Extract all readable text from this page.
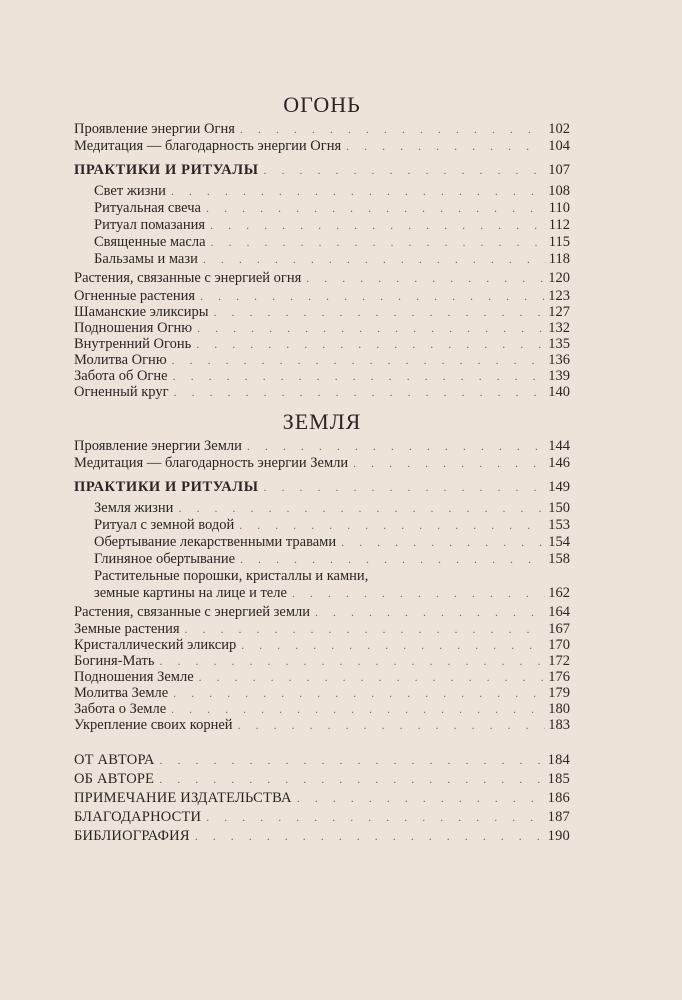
ОГОНЬ
Проявление энергии Огня . . .	102
Медитация — благодарность энергии Огня . . .	104
ПРАКТИКИ И РИТУАЛЫ . . .	107
Свет жизни . . .	108
Ритуальная свеча . . .	110
Ритуал помазания . . .	112
Священные масла . . .	115
Бальзамы и мази . . .	118
Растения, связанные с энергией огня . . .	120
Огненные растения . . .	123
Шаманские эликсиры . . .	127
Подношения Огню . . .	132
Внутренний Огонь . . .	135
Молитва Огню . . .	136
Забота об Огне . . .	139
Огненный круг . . .	140
ЗЕМЛЯ
Проявление энергии Земли . . .	144
Медитация — благодарность энергии Земли . . .	146
ПРАКТИКИ И РИТУАЛЫ . . .	149
Земля жизни . . .	150
Ритуал с земной водой . . .	153
Обертывание лекарственными травами . . .	154
Глиняное обертывание . . .	158
Растительные порошки, кристаллы и камни,
земные картины на лице и теле . . .	162
Растения, связанные с энергией земли . . .	164
Земные растения . . .	167
Кристаллический эликсир . . .	170
Богиня-Мать . . .	172
Подношения Земле . . .	176
Молитва Земле . . .	179
Забота о Земле . . .	180
Укрепление своих корней . . .	183
ОТ АВТОРА . . .	184
ОБ АВТОРЕ . . .	185
ПРИМЕЧАНИЕ ИЗДАТЕЛЬСТВА . . .	186
БЛАГОДАРНОСТИ . . .	187
БИБЛИОГРАФИЯ . . .	190
